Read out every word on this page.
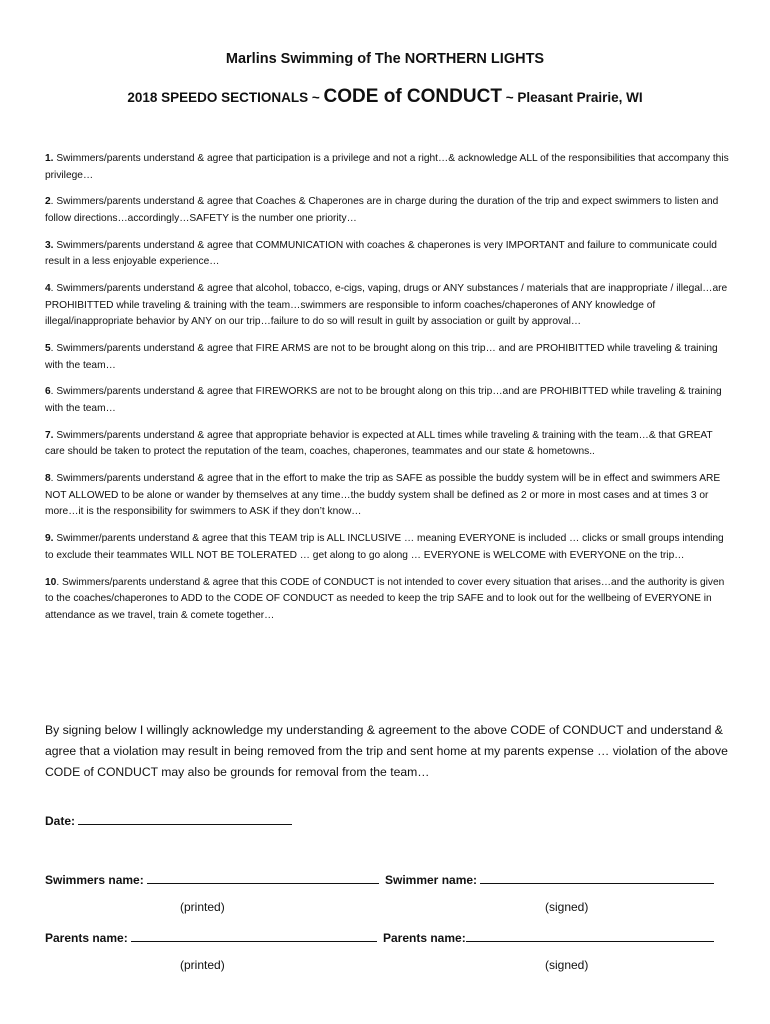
Marlins Swimming of The NORTHERN LIGHTS
2018 SPEEDO SECTIONALS ~ CODE of CONDUCT ~ Pleasant Prairie, WI
1. Swimmers/parents understand & agree that participation is a privilege and not a right…& acknowledge ALL of the responsibilities that accompany this privilege…
2. Swimmers/parents understand & agree that Coaches & Chaperones are in charge during the duration of the trip and expect swimmers to listen and follow directions…accordingly…SAFETY is the number one priority…
3. Swimmers/parents understand & agree that COMMUNICATION with coaches & chaperones is very IMPORTANT and failure to communicate could result in a less enjoyable experience…
4. Swimmers/parents understand & agree that alcohol, tobacco, e-cigs, vaping, drugs or ANY substances / materials that are inappropriate / illegal…are PROHIBITTED while traveling & training with the team…swimmers are responsible to inform coaches/chaperones of ANY knowledge of illegal/inappropriate behavior by ANY on our trip…failure to do so will result in guilt by association or guilt by approval…
5. Swimmers/parents understand & agree that FIRE ARMS are not to be brought along on this trip… and are PROHIBITTED while traveling & training with the team…
6. Swimmers/parents understand & agree that FIREWORKS are not to be brought along on this trip…and are PROHIBITTED while traveling & training with the team…
7. Swimmers/parents understand & agree that appropriate behavior is expected at ALL times while traveling & training with the team…& that GREAT care should be taken to protect the reputation of the team, coaches, chaperones, teammates and our state & hometowns..
8. Swimmers/parents understand & agree that in the effort to make the trip as SAFE as possible the buddy system will be in effect and swimmers ARE NOT ALLOWED to be alone or wander by themselves at any time…the buddy system shall be defined as 2 or more in most cases and at times 3 or more…it is the responsibility for swimmers to ASK if they don’t know…
9. Swimmer/parents understand & agree that this TEAM trip is ALL INCLUSIVE … meaning EVERYONE is included … clicks or small groups intending to exclude their teammates WILL NOT BE TOLERATED … get along to go along … EVERYONE is WELCOME with EVERYONE on the trip…
10. Swimmers/parents understand & agree that this CODE of CONDUCT is not intended to cover every situation that arises…and the authority is given to the coaches/chaperones to ADD to the CODE OF CONDUCT as needed to keep the trip SAFE and to look out for the wellbeing of EVERYONE in attendance as we travel, train & comete together…

By signing below I willingly acknowledge my understanding & agreement to the above CODE of CONDUCT and understand & agree that a violation may result in being removed from the trip and sent home at my parents expense … violation of the above CODE of CONDUCT may also be grounds for removal from the team…

Date:
Swimmers name:	Swimmer name:
(printed)	(signed)
Parents name:	Parents name:
(printed)	(signed)
